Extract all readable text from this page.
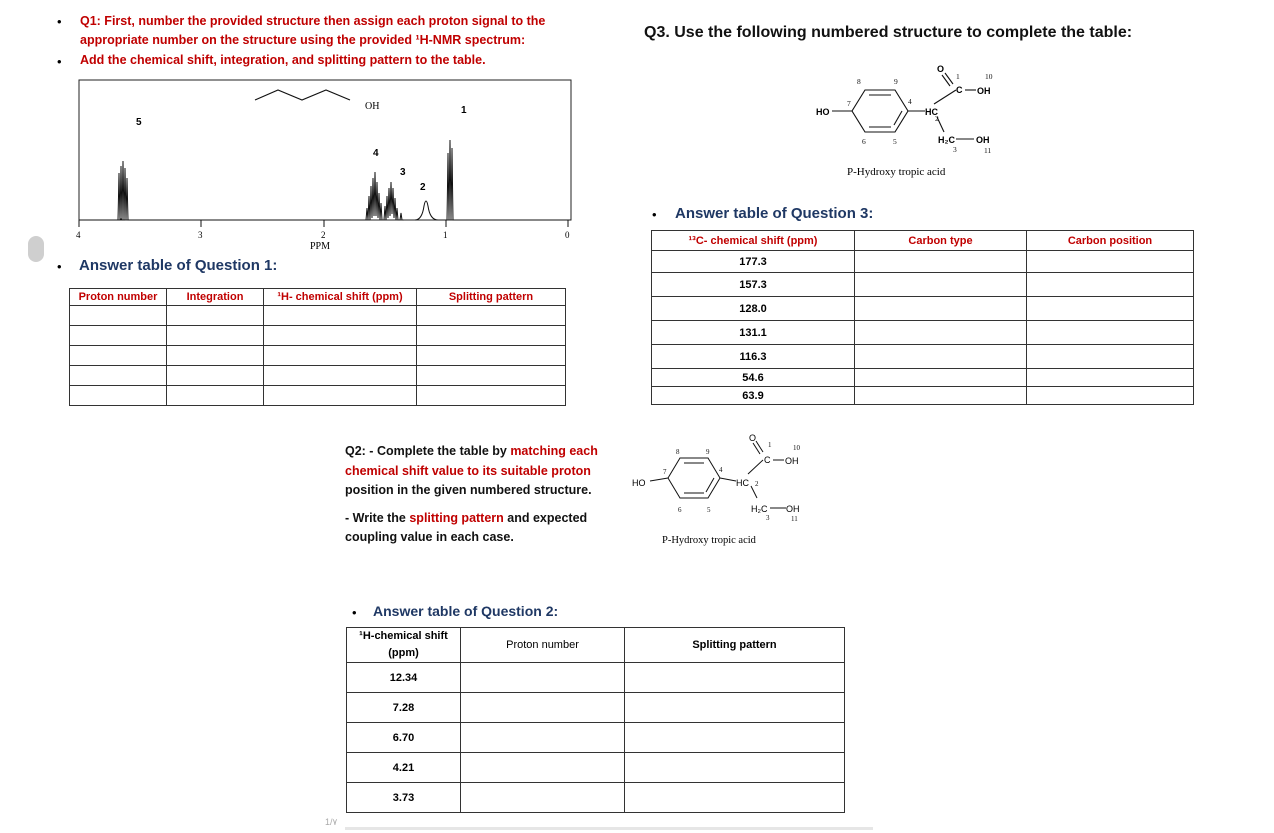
• Q1: First, number the provided structure then assign each proton signal to the
appropriate number on the structure using the provided ¹H-NMR spectrum:
• Add the chemical shift, integration, and splitting pattern to the table.
OH
5
4
3
2
1
4	3	2	1	0
PPM
• Answer table of Question 1:
Proton number	Integration	¹H- chemical shift (ppm)	Splitting pattern

Q3. Use the following numbered structure to complete the table:
HO	HC
C OH
O
H₂C OH
1
2
3
4
5
6
7
8	9
10
11
P-Hydroxy tropic acid
• Answer table of Question 3:
¹³C- chemical shift (ppm)	Carbon type	Carbon position
177.3		
157.3		
128.0		
131.1		
116.3		
54.6		
63.9		
Q2: - Complete the table by matching each
chemical shift value to its suitable proton
position in the given numbered structure.
- Write the splitting pattern and expected
coupling value in each case.
HO	HC
C OH
O
H₂C OH
1
2
3
4
5
6
7
8	9	10
11
P-Hydroxy tropic acid
• Answer table of Question 2:
¹H-chemical shift (ppm)	Proton number	Splitting pattern
12.34		
7.28		
6.70		
4.21		
3.73		
1/٧
